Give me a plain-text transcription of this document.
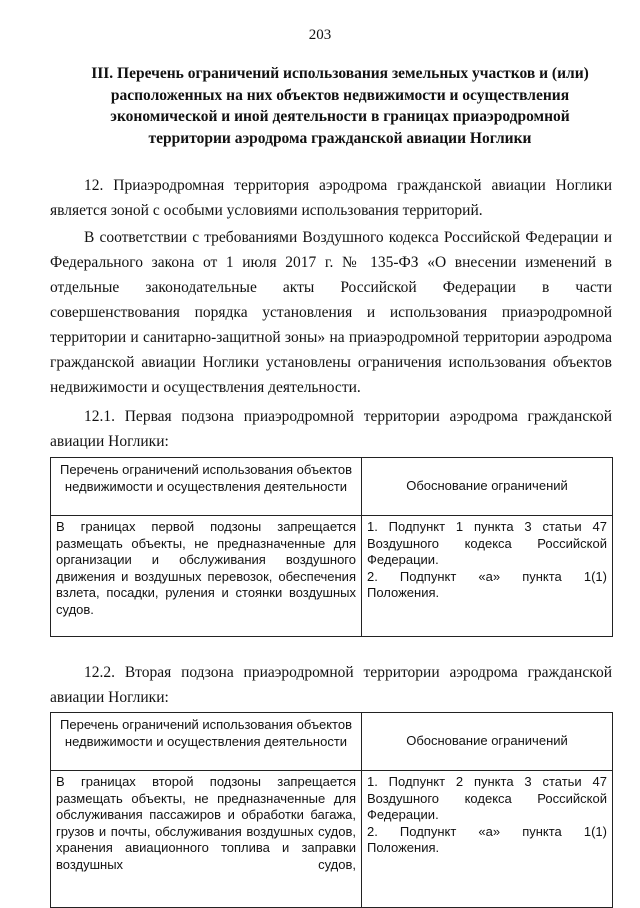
203
III. Перечень ограничений использования земельных участков и (или) расположенных на них объектов недвижимости и осуществления экономической и иной деятельности в границах приаэродромной территории аэродрома гражданской авиации Ноглики

12. Приаэродромная территория аэродрома гражданской авиации Ноглики является зоной с особыми условиями использования территорий.

В соответствии с требованиями Воздушного кодекса Российской Федерации и Федерального закона от 1 июля 2017 г. № 135-ФЗ «О внесении изменений в отдельные законодательные акты Российской Федерации в части совершенствования порядка установления и использования приаэродромной территории и санитарно-защитной зоны» на приаэродромной территории аэродрома гражданской авиации Ноглики установлены ограничения использования объектов недвижимости и осуществления деятельности.

12.1. Первая подзона приаэродромной территории аэродрома гражданской авиации Ноглики:

Перечень ограничений использования объектов недвижимости и осуществления деятельности	Обоснование ограничений
В границах первой подзоны запрещается размещать объекты, не предназначенные для организации и обслуживания воздушного движения и воздушных перевозок, обеспечения взлета, посадки, руления и стоянки воздушных судов.	1. Подпункт 1 пункта 3 статьи 47 Воздушного кодекса Российской Федерации.
2. Подпункт «а» пункта 1(1) Положения.

12.2. Вторая подзона приаэродромной территории аэродрома гражданской авиации Ноглики:

Перечень ограничений использования объектов недвижимости и осуществления деятельности	Обоснование ограничений
В границах второй подзоны запрещается размещать объекты, не предназначенные для обслуживания пассажиров и обработки багажа, грузов и почты, обслуживания воздушных судов, хранения авиационного топлива и заправки воздушных судов,	1. Подпункт 2 пункта 3 статьи 47 Воздушного кодекса Российской Федерации.
2. Подпункт «а» пункта 1(1) Положения.
